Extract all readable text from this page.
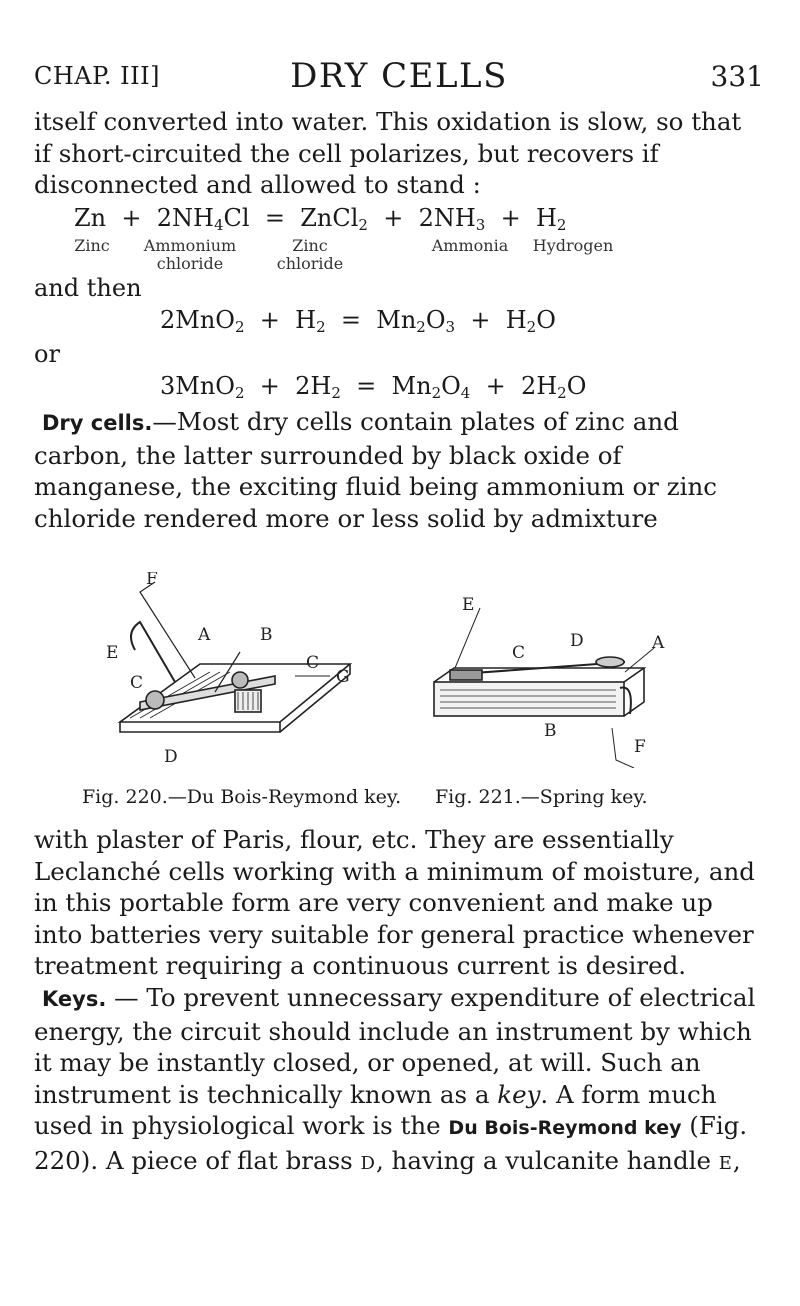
CHAP. III]	DRY CELLS	331
itself converted into water. This oxidation is slow, so that if short-circuited the cell polarizes, but recovers if disconnected and allowed to stand :
$Zn + 2NH_4Cl$ = ZnCl$_2$ + $2NH_3 + H_2$
Zinc Ammonium
chloride
Zinc
chloride
Ammonia Hydrogen
and then
$2MnO_2 + H_2 = Mn_2O_3 + H_2O$
or
$3MnO_2 + 2H_2 = Mn_2O_4 + 2H_2O$
Dry cells.—Most dry cells contain plates of zinc and carbon, the latter surrounded by black oxide of manganese, the exciting fluid being ammonium or zinc chloride rendered more or less solid by admixture
F
A	B
E
C
C
G
D
E
D	A
C
B
F
Fig. 220.—Du Bois-Reymond key. Fig. 221.—Spring key.
with plaster of Paris, flour, etc. They are essentially Leclanché cells working with a minimum of moisture, and in this portable form are very convenient and make up into batteries very suitable for general practice whenever treatment requiring a continuous current is desired.
Keys. — To prevent unnecessary expenditure of electrical energy, the circuit should include an instrument by which it may be instantly closed, or opened, at will. Such an instrument is technically known as a key. A form much used in physiological work is the Du Bois-Reymond key (Fig. 220). A piece of flat brass D, having a vulcanite handle E,
